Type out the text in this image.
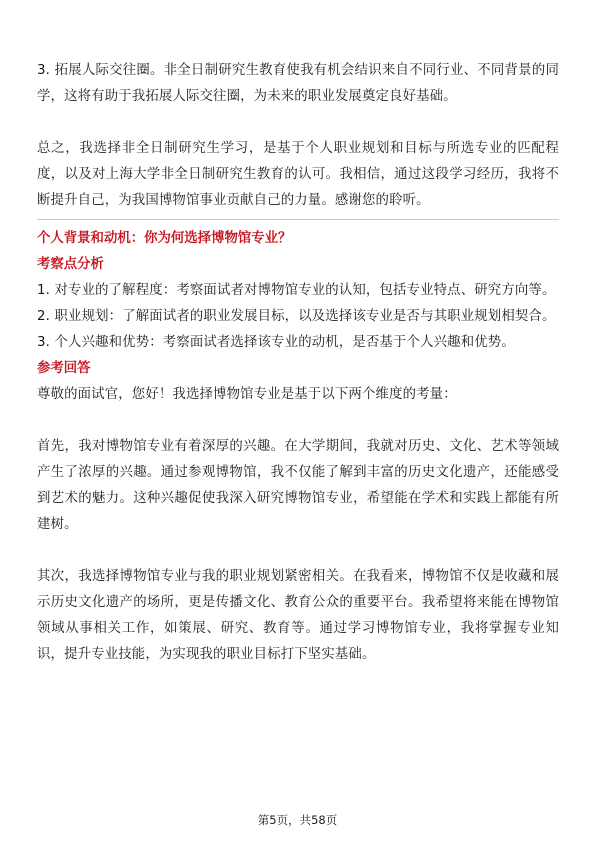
3. 拓展人际交往圈。非全日制研究生教育使我有机会结识来自不同行业、不同背景的同学，这将有助于我拓展人际交往圈，为未来的职业发展奠定良好基础。

总之，我选择非全日制研究生学习，是基于个人职业规划和目标与所选专业的匹配程度，以及对上海大学非全日制研究生教育的认可。我相信，通过这段学习经历，我将不断提升自己，为我国博物馆事业贡献自己的力量。感谢您的聆听。

个人背景和动机：你为何选择博物馆专业？
考察点分析

1. 对专业的了解程度：考察面试者对博物馆专业的认知，包括专业特点、研究方向等。

2. 职业规划：了解面试者的职业发展目标，以及选择该专业是否与其职业规划相契合。

3. 个人兴趣和优势：考察面试者选择该专业的动机，是否基于个人兴趣和优势。

参考回答

尊敬的面试官，您好！我选择博物馆专业是基于以下两个维度的考量：

首先，我对博物馆专业有着深厚的兴趣。在大学期间，我就对历史、文化、艺术等领域产生了浓厚的兴趣。通过参观博物馆，我不仅能了解到丰富的历史文化遗产，还能感受到艺术的魅力。这种兴趣促使我深入研究博物馆专业，希望能在学术和实践上都能有所建树。

其次，我选择博物馆专业与我的职业规划紧密相关。在我看来，博物馆不仅是收藏和展示历史文化遗产的场所，更是传播文化、教育公众的重要平台。我希望将来能在博物馆领域从事相关工作，如策展、研究、教育等。通过学习博物馆专业，我将掌握专业知识，提升专业技能，为实现我的职业目标打下坚实基础。

第5页，共58页
